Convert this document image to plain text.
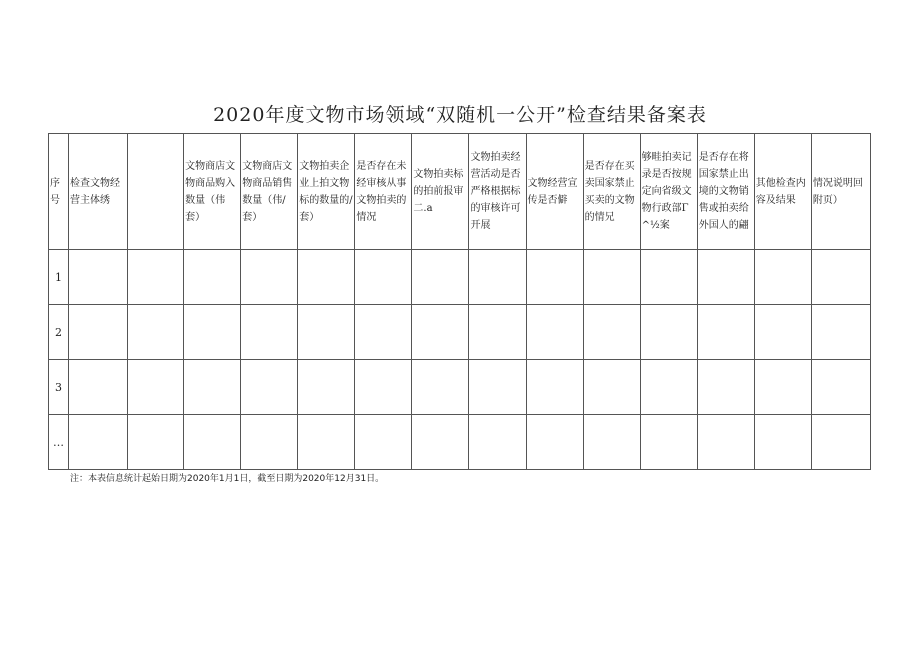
2020年度文物市场领域“双随机一公开”检查结果备案表
序号	检查文物经营主体绣		文物商店文物商品购入数量（伟套）	文物商店文物商品销售数量（伟/套）	文物拍卖企业上拍文物标的数量的/套）	是否存在未经审核从事文物拍卖的情况	文物拍卖标的拍前报审二.a	文物拍卖经营活动是否严格根据标的审核许可开展	文物经营宣传是否僻	是否存在买卖国家禁止买卖的文物的情兄	够畦拍卖记录是否按规定向省级文物行政部Γ^½案	是否存在将国家禁止出境的文物销售或拍卖给外国人的翩	其他检查内容及结果	情况说明回附页）

1														
2														
3														
…														
注：本表信息统计起始日期为2020年1月1日，截至日期为2020年12月31日。
